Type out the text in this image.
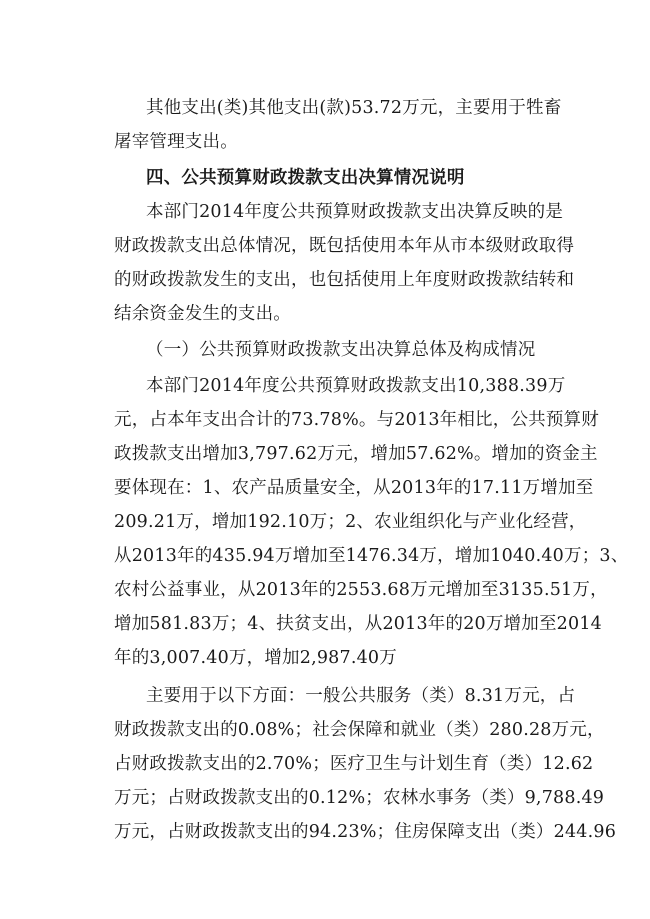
其他支出(类)其他支出(款)53.72万元，主要用于牲畜
屠宰管理支出。
四、公共预算财政拨款支出决算情况说明
本部门2014年度公共预算财政拨款支出决算反映的是
财政拨款支出总体情况，既包括使用本年从市本级财政取得
的财政拨款发生的支出，也包括使用上年度财政拨款结转和
结余资金发生的支出。
（一）公共预算财政拨款支出决算总体及构成情况
本部门2014年度公共预算财政拨款支出10,388.39万
元，占本年支出合计的73.78%。与2013年相比，公共预算财
政拨款支出增加3,797.62万元，增加57.62%。增加的资金主
要体现在：1、农产品质量安全，从2013年的17.11万增加至
209.21万，增加192.10万；2、农业组织化与产业化经营，
从2013年的435.94万增加至1476.34万，增加1040.40万；3、
农村公益事业，从2013年的2553.68万元增加至3135.51万，
增加581.83万；4、扶贫支出，从2013年的20万增加至2014
年的3,007.40万，增加2,987.40万
主要用于以下方面：一般公共服务（类）8.31万元，占
财政拨款支出的0.08%；社会保障和就业（类）280.28万元，
占财政拨款支出的2.70%；医疗卫生与计划生育（类）12.62
万元；占财政拨款支出的0.12%；农林水事务（类）9,788.49
万元，占财政拨款支出的94.23%；住房保障支出（类）244.96
